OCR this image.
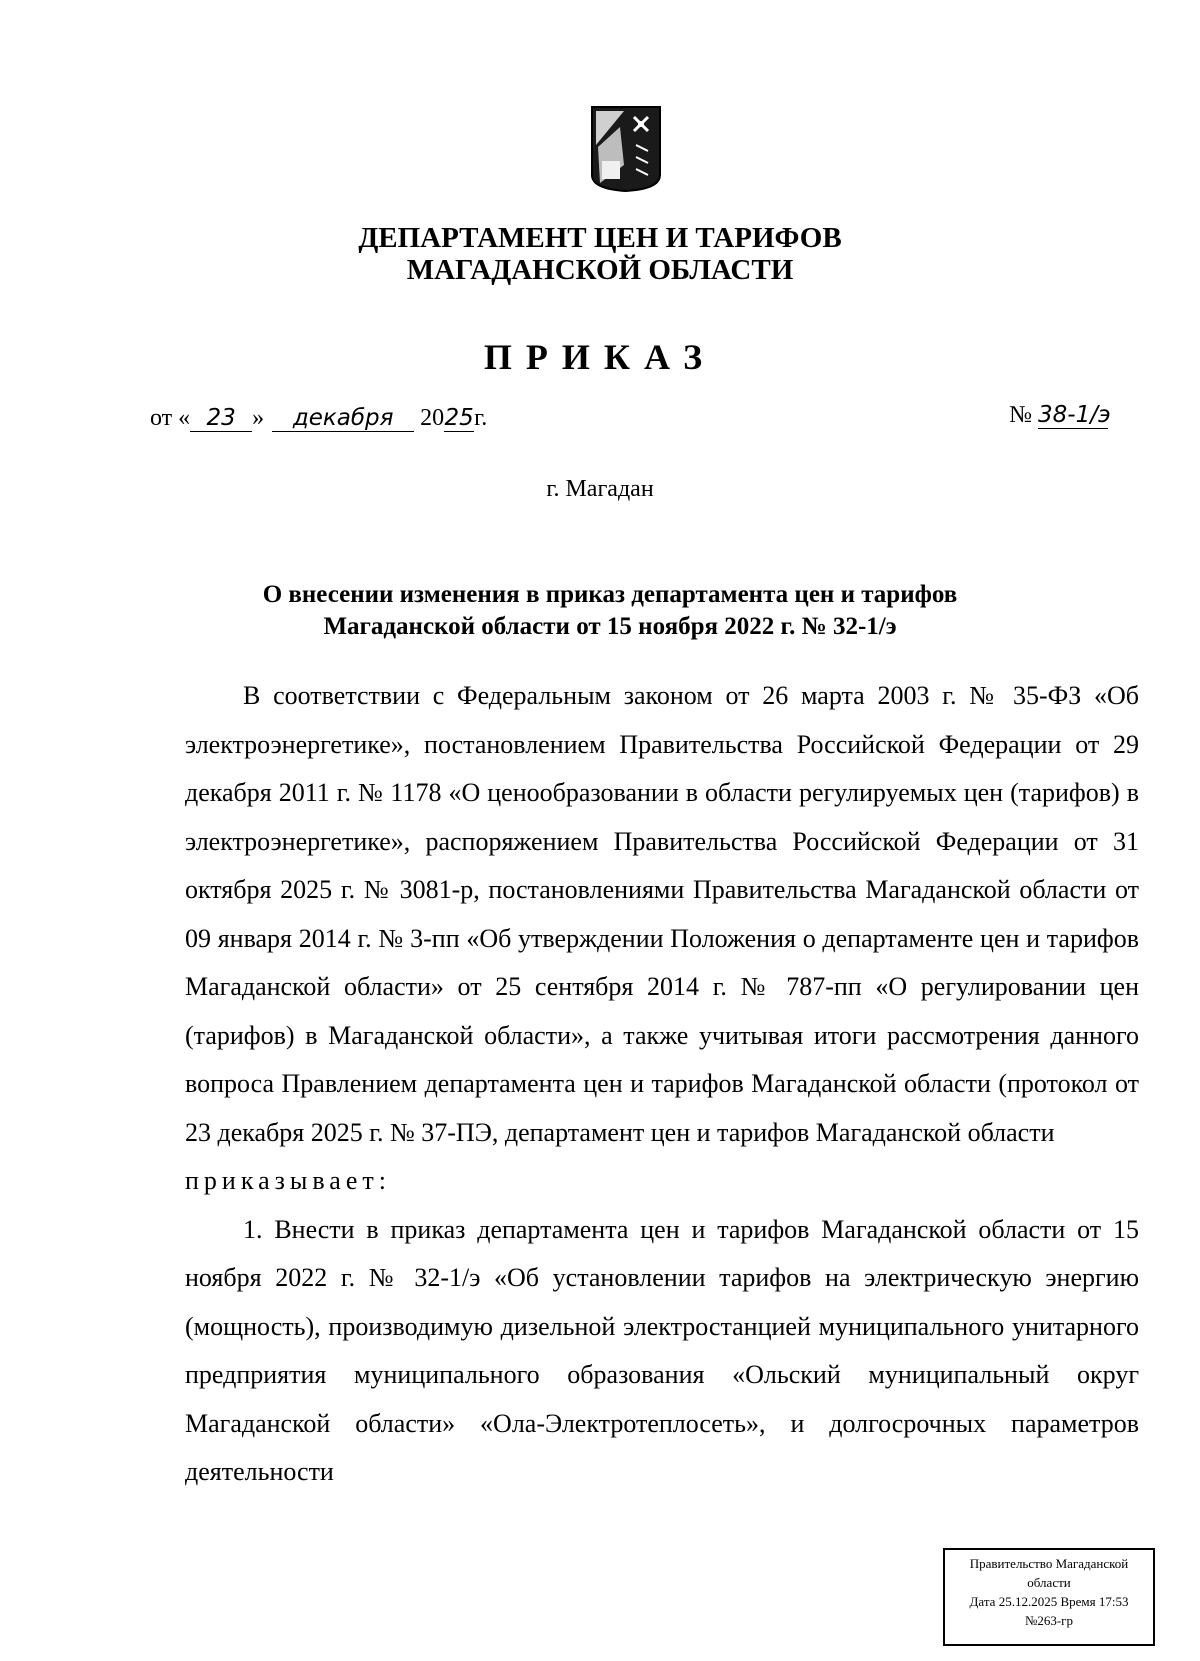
ДЕПАРТАМЕНТ ЦЕН И ТАРИФОВ
МАГАДАНСКОЙ ОБЛАСТИ
ПРИКАЗ
от « 23 »	декабря	20 25 г.	№ 38-1/э
г. Магадан
О внесении изменения в приказ департамента цен и тарифов
Магаданской области от 15 ноября 2022 г. № 32-1/э

В соответствии с Федеральным законом от 26 марта 2003 г. № 35-ФЗ «Об электроэнергетике», постановлением Правительства Российской Федерации от 29 декабря 2011 г. № 1178 «О ценообразовании в области регулируемых цен (тарифов) в электроэнергетике», распоряжением Правительства Российской Федерации от 31 октября 2025 г. № 3081-р, постановлениями Правительства Магаданской области от 09 января 2014 г. № 3-пп «Об утверждении Положения о департаменте цен и тарифов Магаданской области» от 25 сентября 2014 г. № 787-пп «О регулировании цен (тарифов) в Магаданской области», а также учитывая итоги рассмотрения данного вопроса Правлением департамента цен и тарифов Магаданской области (протокол от 23 декабря 2025 г. № 37-ПЭ, департамент цен и тарифов Магаданской области

приказывает:

1. Внести в приказ департамента цен и тарифов Магаданской области от 15 ноября 2022 г. № 32-1/э «Об установлении тарифов на электрическую энергию (мощность), производимую дизельной электростанцией муниципального унитарного предприятия муниципального образования «Ольский муниципальный округ Магаданской области» «Ола-Электротеплосеть», и долгосрочных параметров деятельности

Правительство Магаданской
области
Дата 25.12.2025 Время 17:53
№263-гр
